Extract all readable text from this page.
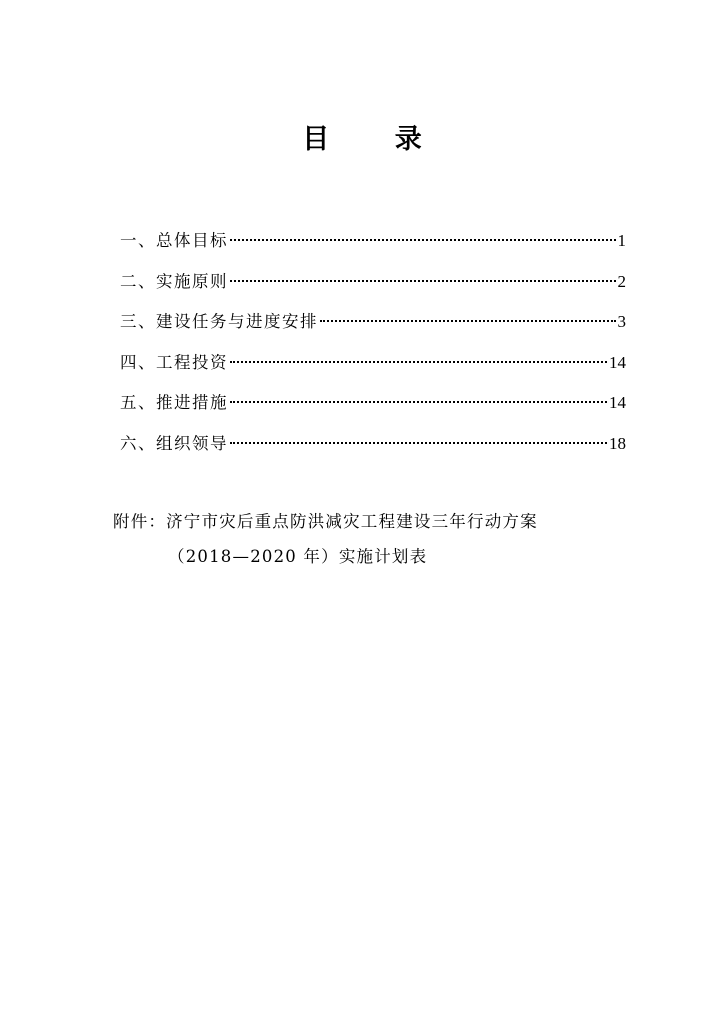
目 录
一、总体目标	1
二、实施原则	2
三、建设任务与进度安排	3
四、工程投资	14
五、推进措施	14
六、组织领导	18
附件：济宁市灾后重点防洪减灾工程建设三年行动方案
（2018—2020 年）实施计划表
